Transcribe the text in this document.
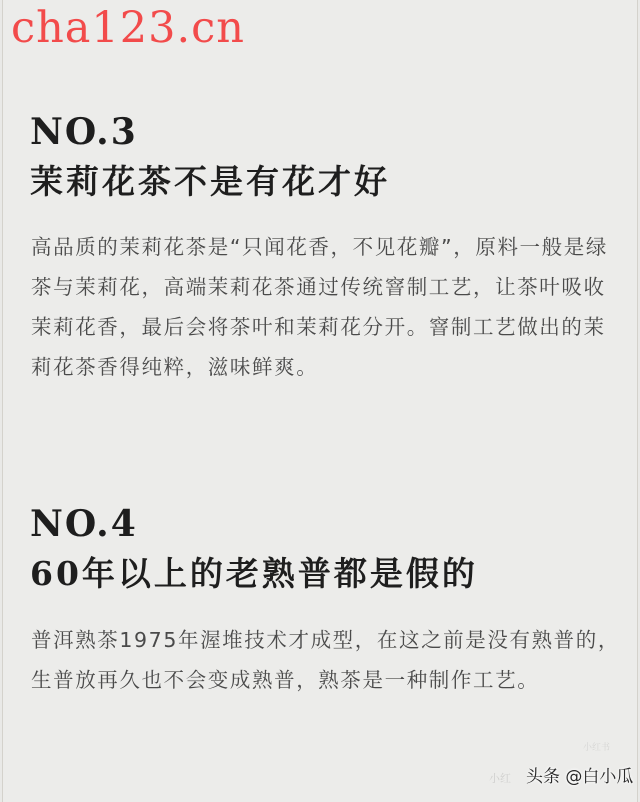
cha123.cn
NO.3
茉莉花茶不是有花才好
高品质的茉莉花茶是“只闻花香，不见花瓣”，原料一般是绿茶与茉莉花，高端茉莉花茶通过传统窨制工艺，让茶叶吸收茉莉花香，最后会将茶叶和茉莉花分开。窨制工艺做出的茉莉花茶香得纯粹，滋味鲜爽。
NO.4
60年以上的老熟普都是假的
普洱熟茶1975年渥堆技术才成型，在这之前是没有熟普的，生普放再久也不会变成熟普，熟茶是一种制作工艺。
小红书
小红 头条 @白小瓜
